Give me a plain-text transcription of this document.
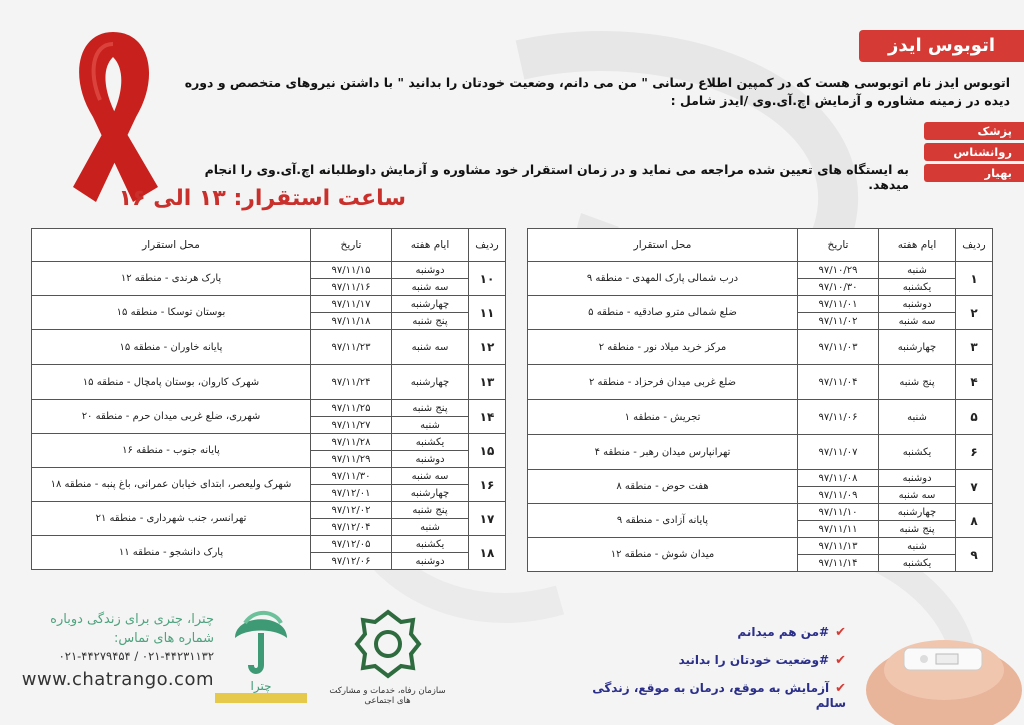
اتوبوس ایدز
اتوبوس ایدز نام اتوبوسی هست که در کمپین اطلاع رسانی " من می دانم، وضعیت خودتان را بدانید " با داشتن نیروهای متخصص و دوره دیده در زمینه مشاوره و آزمایش اچ.آی.وی /ایدز شامل :
پزشک
روانشناس
بهیار
به ایستگاه های تعیین شده مراجعه می نماید و در زمان استقرار خود مشاوره و آزمایش داوطلبانه اچ.آی.وی را انجام میدهد.
ساعت استقرار: ۱۳ الی ۱۶
ردیف	ایام هفته	تاریخ	محل استقرار
۱	شنبه	۹۷/۱۰/۲۹	درب شمالی پارک المهدی - منطقه ۹
	یکشنبه	۹۷/۱۰/۳۰	
۲	دوشنبه	۹۷/۱۱/۰۱	ضلع شمالی مترو صادقیه - منطقه ۵
	سه شنبه	۹۷/۱۱/۰۲	
۳	چهارشنبه	۹۷/۱۱/۰۳	مرکز خرید میلاد نور - منطقه ۲
۴	پنج شنبه	۹۷/۱۱/۰۴	ضلع غربی میدان فرحزاد - منطقه ۲
۵	شنبه	۹۷/۱۱/۰۶	تجریش - منطقه ۱
۶	یکشنبه	۹۷/۱۱/۰۷	تهرانپارس میدان رهبر - منطقه ۴
۷	دوشنبه	۹۷/۱۱/۰۸	هفت حوض - منطقه ۸
	سه شنبه	۹۷/۱۱/۰۹	
۸	چهارشنبه	۹۷/۱۱/۱۰	پایانه آزادی - منطقه ۹
	پنج شنبه	۹۷/۱۱/۱۱	
۹	شنبه	۹۷/۱۱/۱۳	میدان شوش - منطقه ۱۲
	یکشنبه	۹۷/۱۱/۱۴	
ردیف	ایام هفته	تاریخ	محل استقرار
۱۰	دوشنبه	۹۷/۱۱/۱۵	پارک هرندی - منطقه ۱۲
	سه شنبه	۹۷/۱۱/۱۶	
۱۱	چهارشنبه	۹۷/۱۱/۱۷	بوستان توسکا - منطقه ۱۵
	پنج شنبه	۹۷/۱۱/۱۸	
۱۲	سه شنبه	۹۷/۱۱/۲۳	پایانه خاوران - منطقه ۱۵
۱۳	چهارشنبه	۹۷/۱۱/۲۴	شهرک کاروان، بوستان پامچال - منطقه ۱۵
۱۴	پنج شنبه	۹۷/۱۱/۲۵	شهرری، ضلع غربی میدان حرم - منطقه ۲۰
	شنبه	۹۷/۱۱/۲۷	
۱۵	یکشنبه	۹۷/۱۱/۲۸	پایانه جنوب - منطقه ۱۶
	دوشنبه	۹۷/۱۱/۲۹	
۱۶	سه شنبه	۹۷/۱۱/۳۰	شهرک ولیعصر، ابتدای خیابان عمرانی، باغ پنبه - منطقه ۱۸
	چهارشنبه	۹۷/۱۲/۰۱	
۱۷	پنج شنبه	۹۷/۱۲/۰۲	تهرانسر، جنب شهرداری - منطقه ۲۱
	شنبه	۹۷/۱۲/۰۴	
۱۸	یکشنبه	۹۷/۱۲/۰۵	پارک دانشجو - منطقه ۱۱
	دوشنبه	۹۷/۱۲/۰۶	
چترا، چتری برای زندگی دوباره
شماره های تماس:
۰۲۱-۴۴۲۷۹۴۵۴ / ۰۲۱-۴۴۲۳۱۱۳۲
www.chatrango.com	چترا	سازمان رفاه، خدمات و مشارکت های اجتماعی
✔#من هم میدانم
✔#وضعیت خودتان را بدانید
✔آزمایش به موقع، درمان به موقع، زندگی سالم
